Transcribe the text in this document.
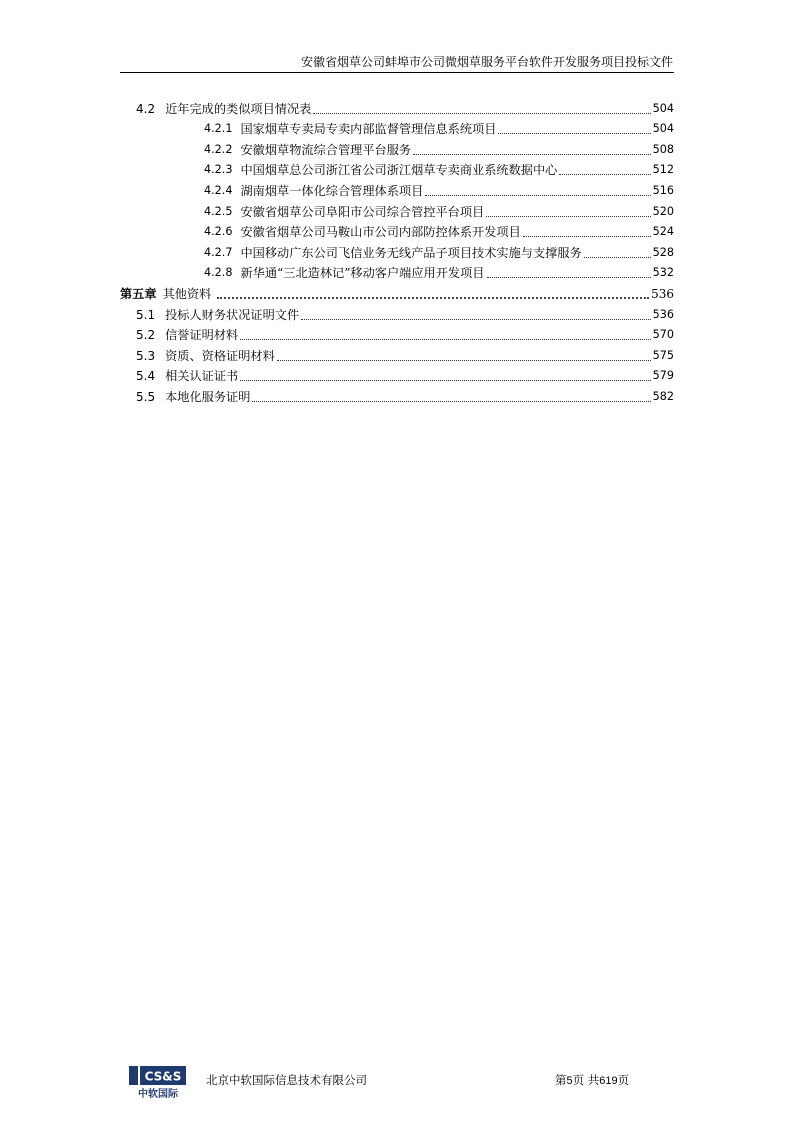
安徽省烟草公司蚌埠市公司微烟草服务平台软件开发服务项目投标文件
4.2 近年完成的类似项目情况表	504
4.2.1 国家烟草专卖局专卖内部监督管理信息系统项目	504
4.2.2 安徽烟草物流综合管理平台服务	508
4.2.3 中国烟草总公司浙江省公司浙江烟草专卖商业系统数据中心	512
4.2.4 湖南烟草一体化综合管理体系项目	516
4.2.5 安徽省烟草公司阜阳市公司综合管控平台项目	520
4.2.6 安徽省烟草公司马鞍山市公司内部防控体系开发项目	524
4.2.7 中国移动广东公司飞信业务无线产品子项目技术实施与支撑服务	528
4.2.8 新华通“三北造林记”移动客户端应用开发项目	532
第五章 其他资料	536
5.1 投标人财务状况证明文件	536
5.2 信誉证明材料	570
5.3 资质、资格证明材料	575
5.4 相关认证证书	579
5.5 本地化服务证明	582
CS&S
中软国际
北京中软国际信息技术有限公司	第5页 共619页
